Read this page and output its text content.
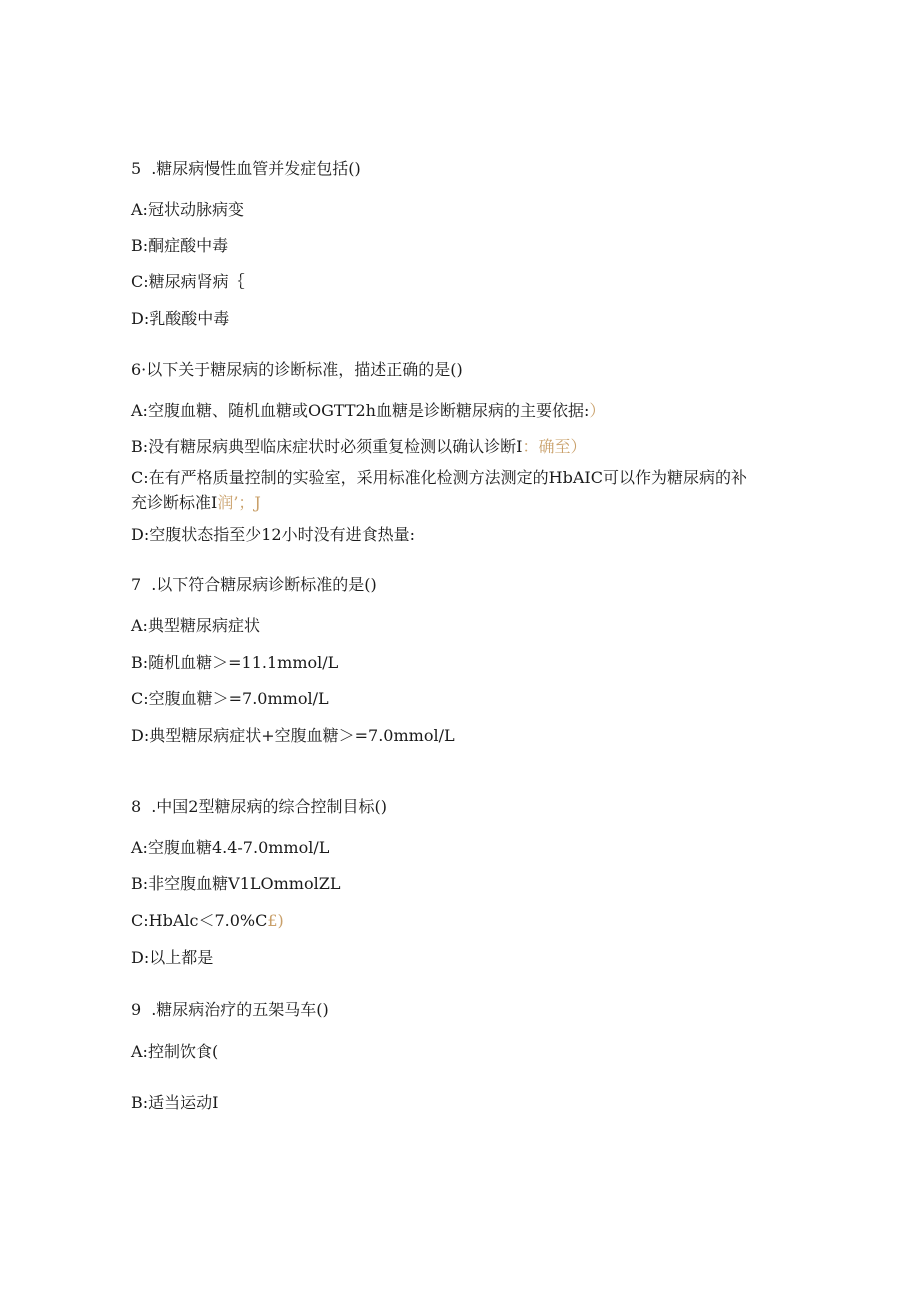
5 .糖尿病慢性血管并发症包括()
A:冠状动脉病变
B:酮症酸中毒
C:糖尿病肾病｛
D:乳酸酸中毒
6·以下关于糖尿病的诊断标准，描述正确的是()
A:空腹血糖、随机血糖或OGTT2h血糖是诊断糖尿病的主要依据:）
B:没有糖尿病典型临床症状时必须重复检测以确认诊断I：确至）
C:在有严格质量控制的实验室，采用标准化检测方法测定的HbAIC可以作为糖尿病的补
充诊断标准I润’；J
D:空腹状态指至少12小时没有进食热量:
7 .以下符合糖尿病诊断标准的是()
A:典型糖尿病症状
B:随机血糖＞=11.1mmol/L
C:空腹血糖＞=7.0mmol∕L
D:典型糖尿病症状+空腹血糖＞=7.0mmol∕L
8 .中国2型糖尿病的综合控制目标()
A:空腹血糖4.4-7.0mmol/L
B:非空腹血糖V1LOmmolZL
C:HbAlc＜7.0%C£)
D:以上都是
9 .糖尿病治疗的五架马车()
A:控制饮食(
B:适当运动I
